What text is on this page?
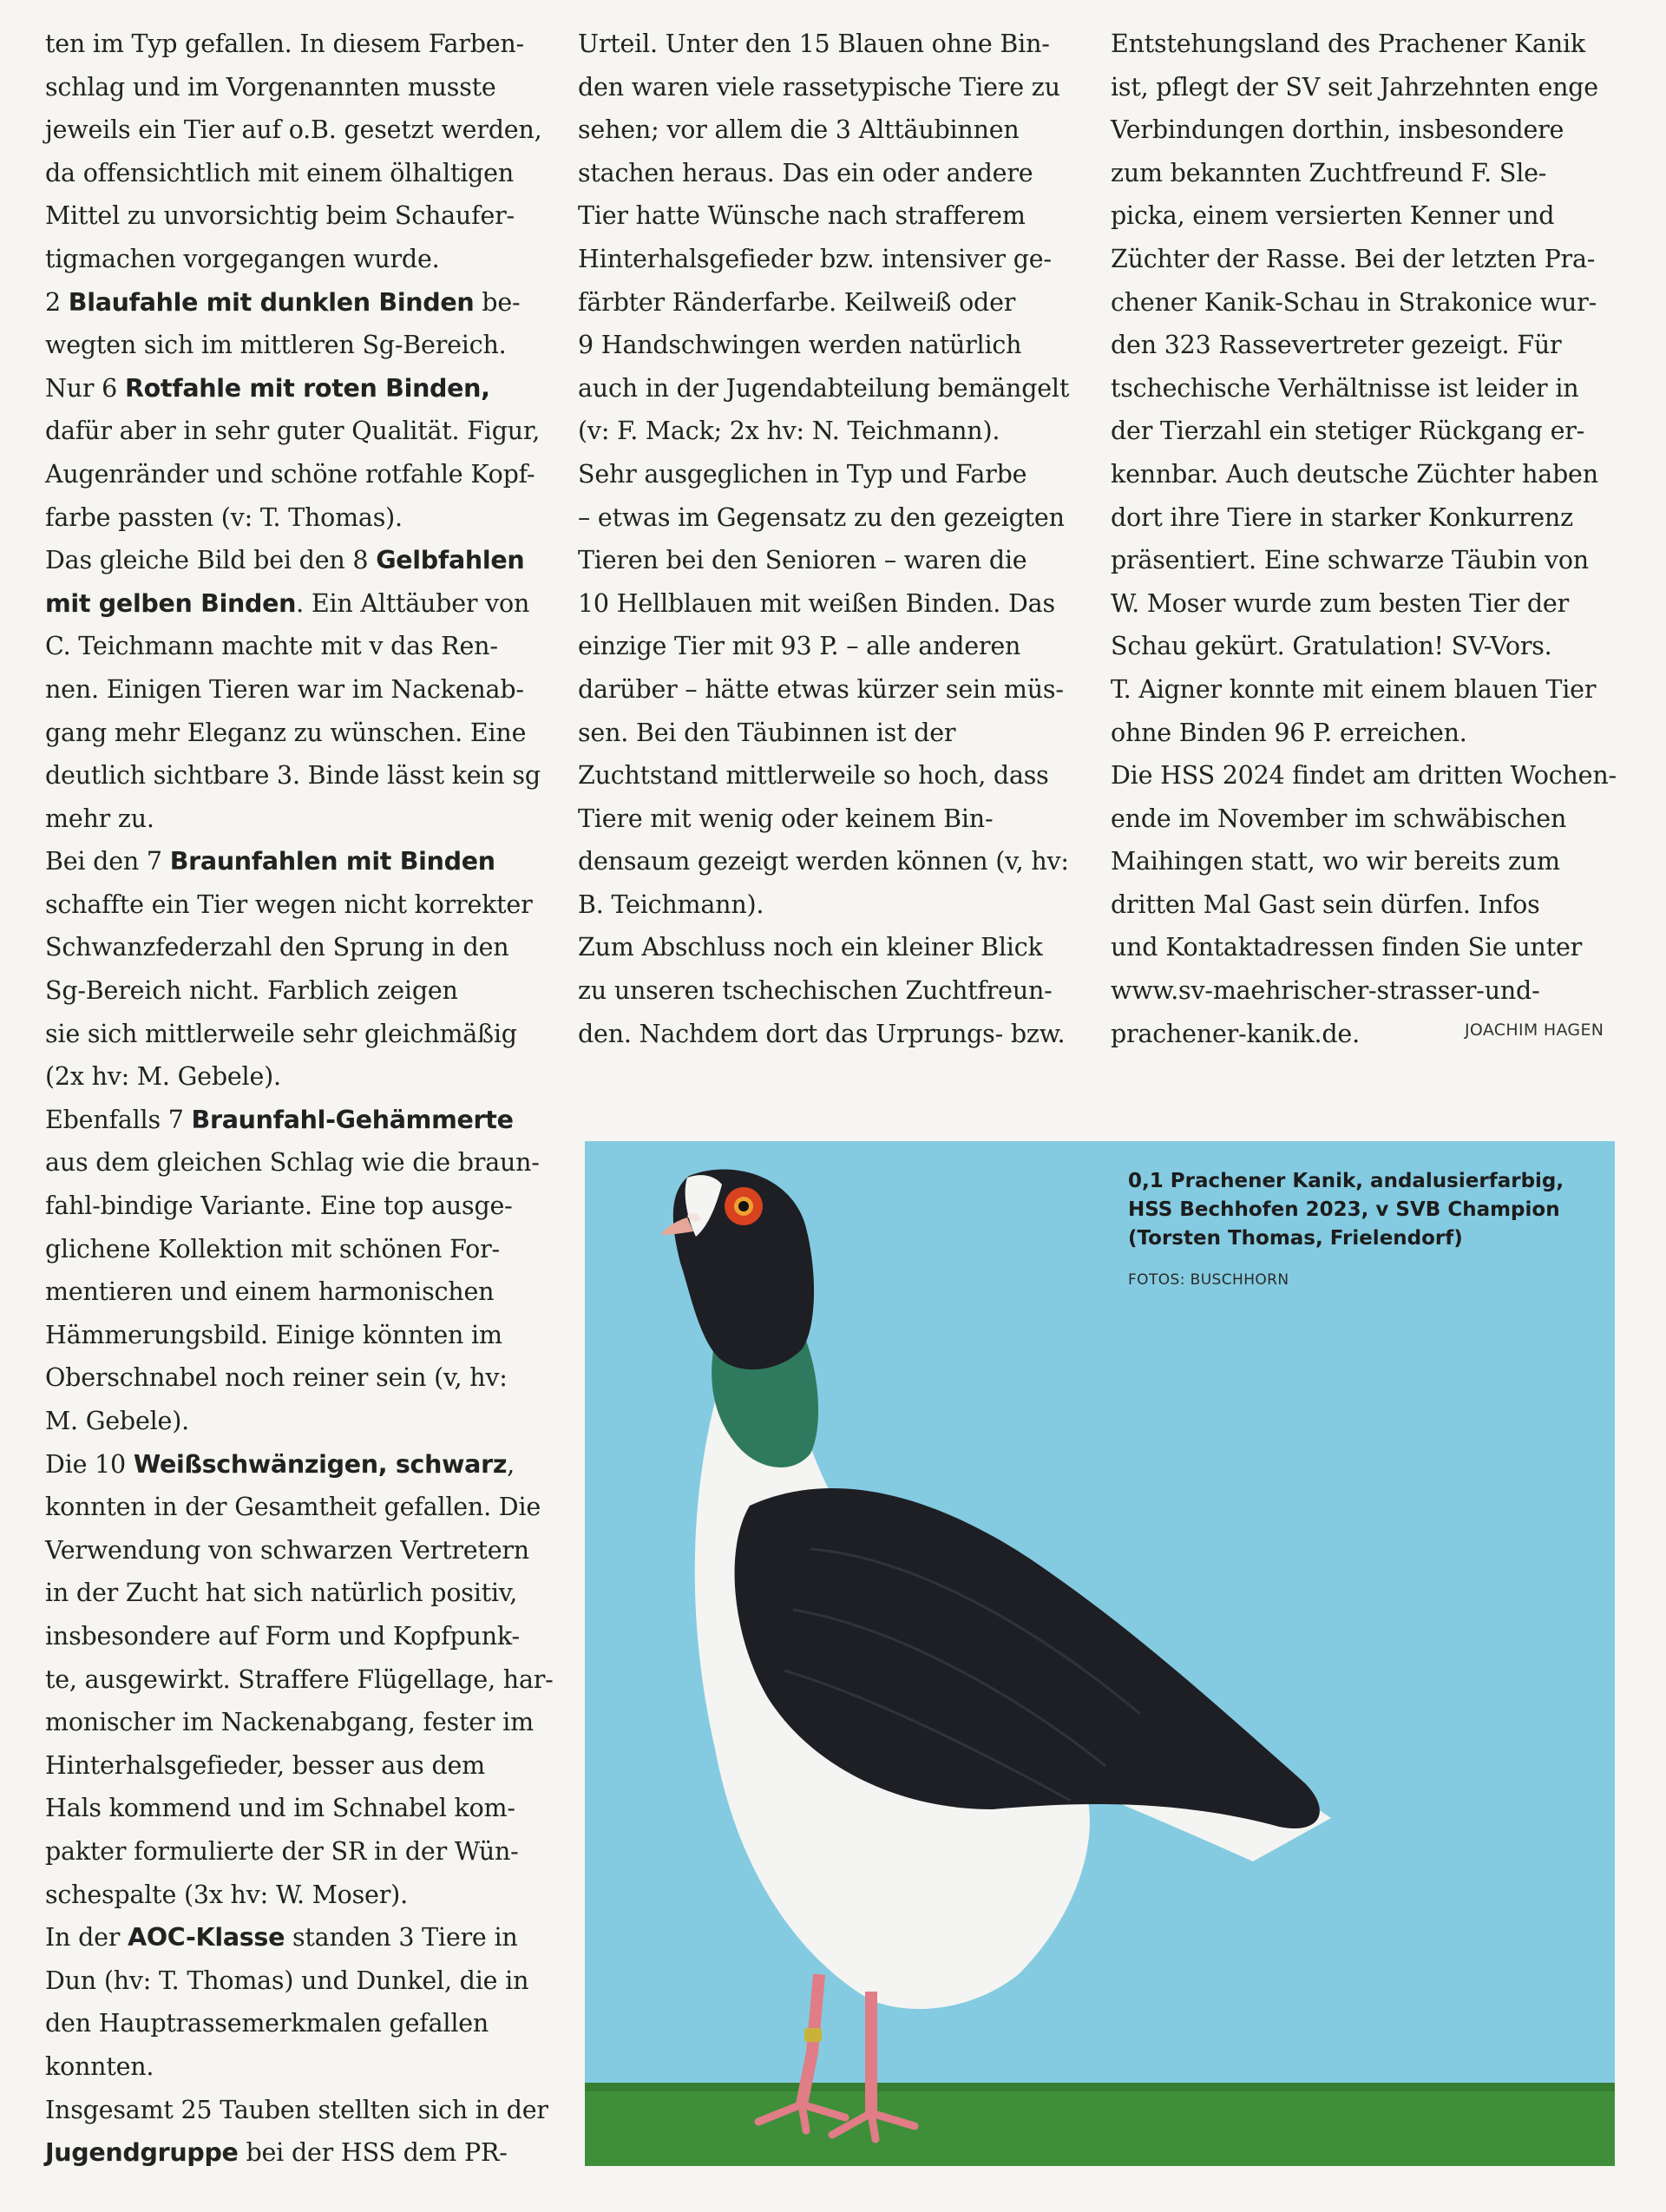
ten im Typ gefallen. In diesem Farben-
schlag und im Vorgenannten musste
jeweils ein Tier auf o.B. gesetzt werden,
da offensichtlich mit einem ölhaltigen
Mittel zu unvorsichtig beim Schaufer-
tigmachen vorgegangen wurde.
2 Blaufahle mit dunklen Binden be-
wegten sich im mittleren Sg-Bereich.
Nur 6 Rotfahle mit roten Binden,
dafür aber in sehr guter Qualität. Figur,
Augenränder und schöne rotfahle Kopf-
farbe passten (v: T. Thomas).
Das gleiche Bild bei den 8 Gelbfahlen
mit gelben Binden. Ein Alttäuber von
C. Teichmann machte mit v das Ren-
nen. Einigen Tieren war im Nackenab-
gang mehr Eleganz zu wünschen. Eine
deutlich sichtbare 3. Binde lässt kein sg
mehr zu.
Bei den 7 Braunfahlen mit Binden
schaffte ein Tier wegen nicht korrekter
Schwanzfederzahl den Sprung in den
Sg-Bereich nicht. Farblich zeigen
sie sich mittlerweile sehr gleichmäßig
(2x hv: M. Gebele).
Ebenfalls 7 Braunfahl-Gehämmerte
aus dem gleichen Schlag wie die braun-
fahl-bindige Variante. Eine top ausge-
glichene Kollektion mit schönen For-
mentieren und einem harmonischen
Hämmerungsbild. Einige könnten im
Oberschnabel noch reiner sein (v, hv:
M. Gebele).
Die 10 Weißschwänzigen, schwarz,
konnten in der Gesamtheit gefallen. Die
Verwendung von schwarzen Vertretern
in der Zucht hat sich natürlich positiv,
insbesondere auf Form und Kopfpunk-
te, ausgewirkt. Straffere Flügellage, har-
monischer im Nackenabgang, fester im
Hinterhalsgefieder, besser aus dem
Hals kommend und im Schnabel kom-
pakter formulierte der SR in der Wün-
schespalte (3x hv: W. Moser).
In der AOC-Klasse standen 3 Tiere in
Dun (hv: T. Thomas) und Dunkel, die in
den Hauptrassemerkmalen gefallen
konnten.
Insgesamt 25 Tauben stellten sich in der
Jugendgruppe bei der HSS dem PR-
Urteil. Unter den 15 Blauen ohne Bin-
den waren viele rassetypische Tiere zu
sehen; vor allem die 3 Alttäubinnen
stachen heraus. Das ein oder andere
Tier hatte Wünsche nach strafferem
Hinterhalsgefieder bzw. intensiver ge-
färbter Ränderfarbe. Keilweiß oder
9 Handschwingen werden natürlich
auch in der Jugendabteilung bemängelt
(v: F. Mack; 2x hv: N. Teichmann).
Sehr ausgeglichen in Typ und Farbe
– etwas im Gegensatz zu den gezeigten
Tieren bei den Senioren – waren die
10 Hellblauen mit weißen Binden. Das
einzige Tier mit 93 P. – alle anderen
darüber – hätte etwas kürzer sein müs-
sen. Bei den Täubinnen ist der
Zuchtstand mittlerweile so hoch, dass
Tiere mit wenig oder keinem Bin-
densaum gezeigt werden können (v, hv:
B. Teichmann).
Zum Abschluss noch ein kleiner Blick
zu unseren tschechischen Zuchtfreun-
den. Nachdem dort das Urprungs- bzw.
Entstehungsland des Prachener Kanik
ist, pflegt der SV seit Jahrzehnten enge
Verbindungen dorthin, insbesondere
zum bekannten Zuchtfreund F. Sle-
picka, einem versierten Kenner und
Züchter der Rasse. Bei der letzten Pra-
chener Kanik-Schau in Strakonice wur-
den 323 Rassevertreter gezeigt. Für
tschechische Verhältnisse ist leider in
der Tierzahl ein stetiger Rückgang er-
kennbar. Auch deutsche Züchter haben
dort ihre Tiere in starker Konkurrenz
präsentiert. Eine schwarze Täubin von
W. Moser wurde zum besten Tier der
Schau gekürt. Gratulation! SV-Vors.
T. Aigner konnte mit einem blauen Tier
ohne Binden 96 P. erreichen.
Die HSS 2024 findet am dritten Wochen-
ende im November im schwäbischen
Maihingen statt, wo wir bereits zum
dritten Mal Gast sein dürfen. Infos
und Kontaktadressen finden Sie unter
www.sv-maehrischer-strasser-und-
prachener-kanik.de.	JOACHIM HAGEN
0,1 Prachener Kanik, andalusierfarbig,
HSS Bechhofen 2023, v SVB Champion
(Torsten Thomas, Frielendorf)
FOTOS: BUSCHHORN
